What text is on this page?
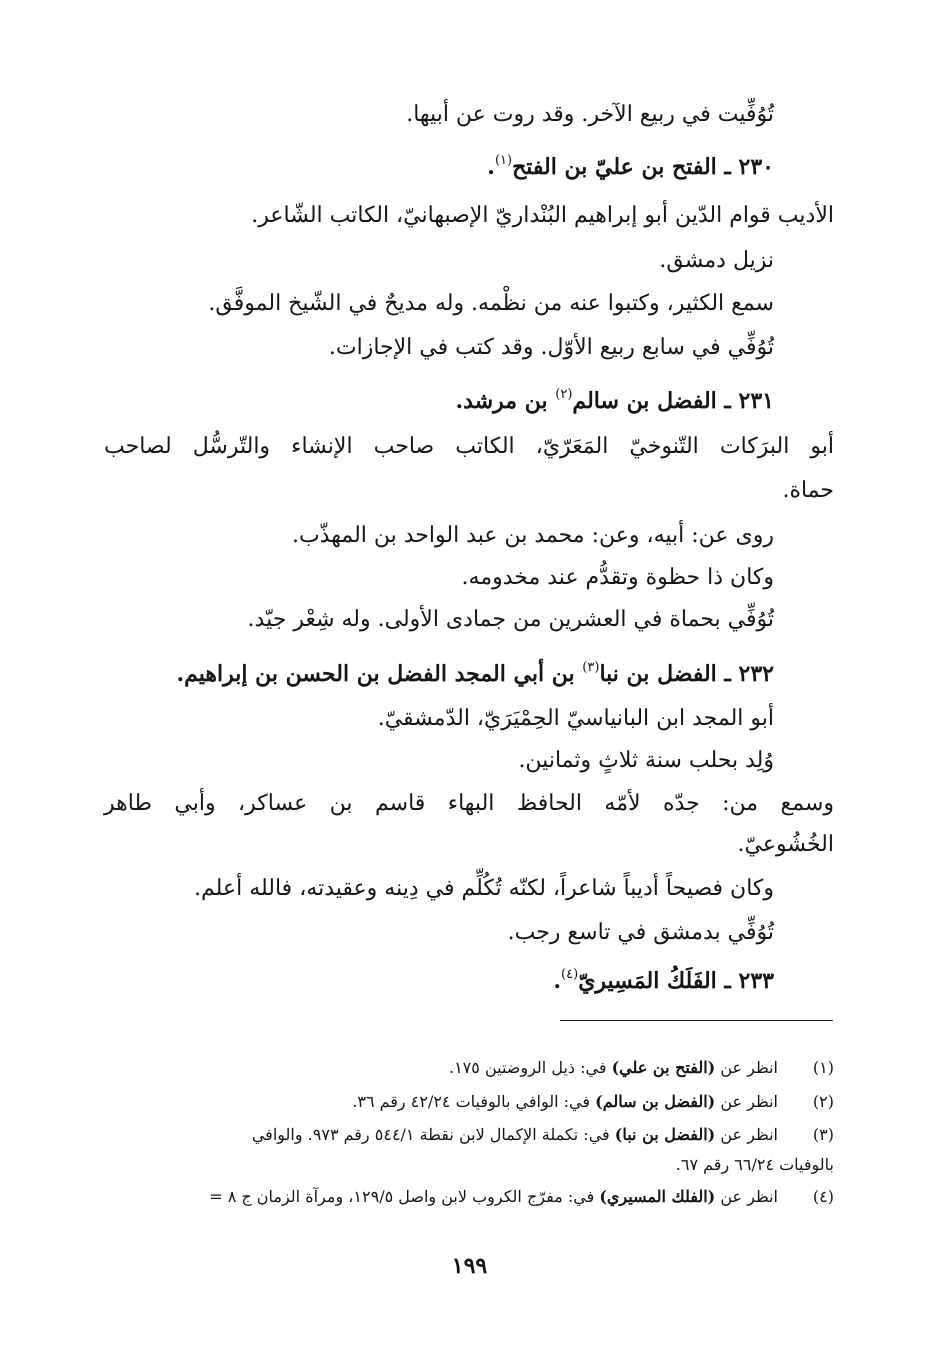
تُوُفِّيت في ربيع الآخر. وقد روت عن أبيها.
٢٣٠ ـ الفتح بن عليّ بن الفتح$^{(١)}$.
الأديب قوام الدّين أبو إبراهيم البُنْداريّ الإصبهانيّ، الكاتب الشّاعر.
نزيل دمشق.
سمع الكثير، وكتبوا عنه من نظْمه. وله مديحٌ في الشّيخ الموفَّق.
تُوُفِّي في سابع ربيع الأوّل. وقد كتب في الإجازات.
٢٣١ ـ الفضل بن سالم$^{(٢)}$ بن مرشد.
أبو البرَكات التّنوخيّ المَعَرّيّ، الكاتب صاحب الإنشاء والتّرسُّل لصاحب
حماة.
روى عن: أبيه، وعن: محمد بن عبد الواحد بن المهذّب.
وكان ذا حظوة وتقدُّم عند مخدومه.
تُوُفِّي بحماة في العشرين من جمادى الأولى. وله شِعْر جيّد.
٢٣٢ ـ الفضل بن نبا$^{(٣)}$ بن أبي المجد الفضل بن الحسن بن إبراهيم.
أبو المجد ابن البانياسيّ الحِمْيَرَيّ، الدّمشقيّ.
وُلِد بحلب سنة ثلاثٍ وثمانين.
وسمع من: جدّه لأمّه الحافظ البهاء قاسم بن عساكر، وأبي طاهر
الخُشُوعيّ.
وكان فصيحاً أديباً شاعراً، لكنّه تُكُلِّم في دِينه وعقيدته، فالله أعلم.
تُوُفِّي بدمشق في تاسع رجب.
٢٣٣ ـ الفَلَكُ المَسِيريّ$^{(٤)}$.
(١)انظر عن (الفتح بن علي) في: ذيل الروضتين ١٧٥.
(٢)انظر عن (الفضل بن سالم) في: الوافي بالوفيات ٤٢/٢٤ رقم ٣٦.
(٣)انظر عن (الفضل بن نبا) في: تكملة الإكمال لابن نقطة ٥٤٤/١ رقم ٩٧٣. والوافي
بالوفيات ٦٦/٢٤ رقم ٦٧.
(٤)انظر عن (الفلك المسيري) في: مفرّج الكروب لابن واصل ١٢٩/٥، ومرآة الزمان ج ٨ =
١٩٩
